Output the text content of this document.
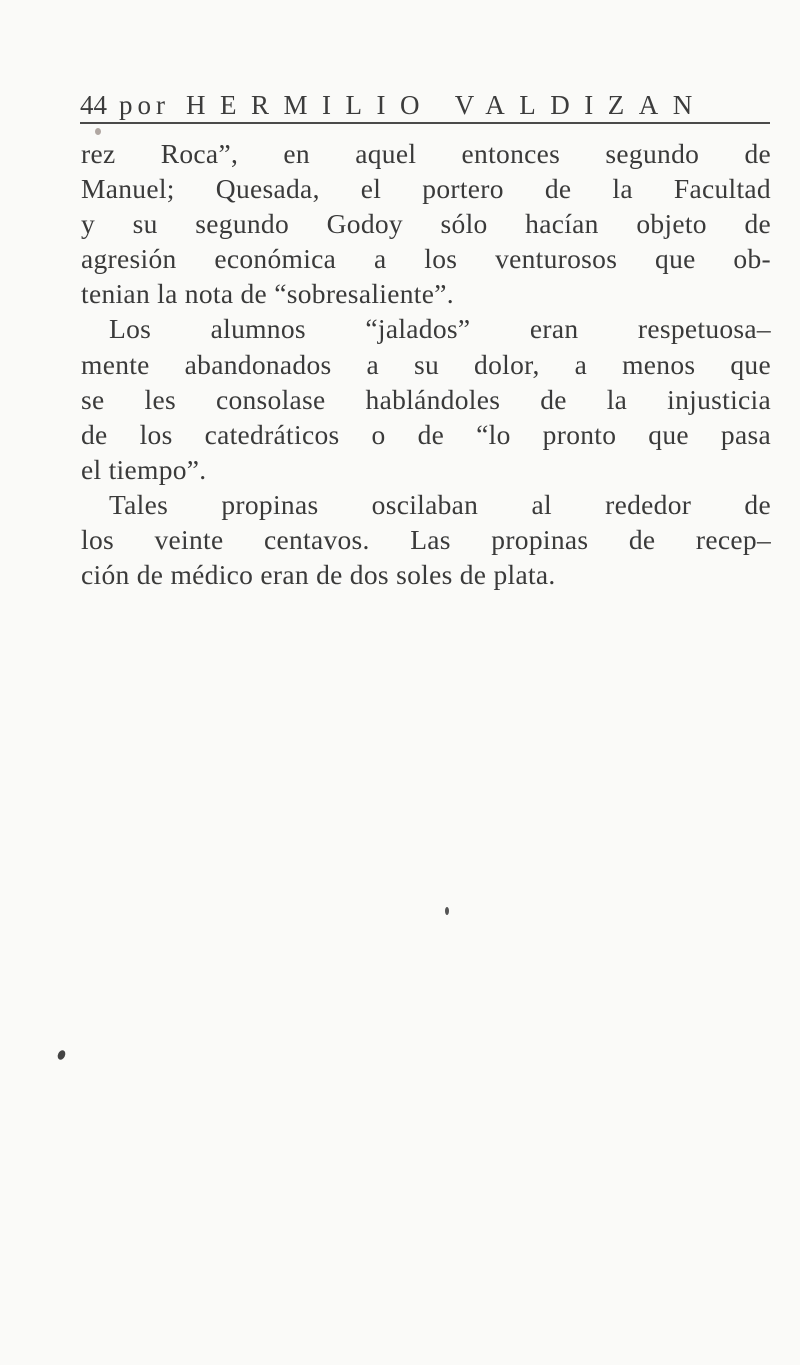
44 por HERMILIO VALDIZAN
rez Roca”, en aquel entonces segundo de
Manuel; Quesada, el portero de la Facultad
y su segundo Godoy sólo hacían objeto de
agresión económica a los venturosos que ob-
tenian la nota de “sobresaliente”.
Los alumnos “jalados” eran respetuosa–
mente abandonados a su dolor, a menos que
se les consolase hablándoles de la injusticia
de los catedráticos o de “lo pronto que pasa
el tiempo”.
Tales propinas oscilaban al rededor de
los veinte centavos. Las propinas de recep–
ción de médico eran de dos soles de plata.
